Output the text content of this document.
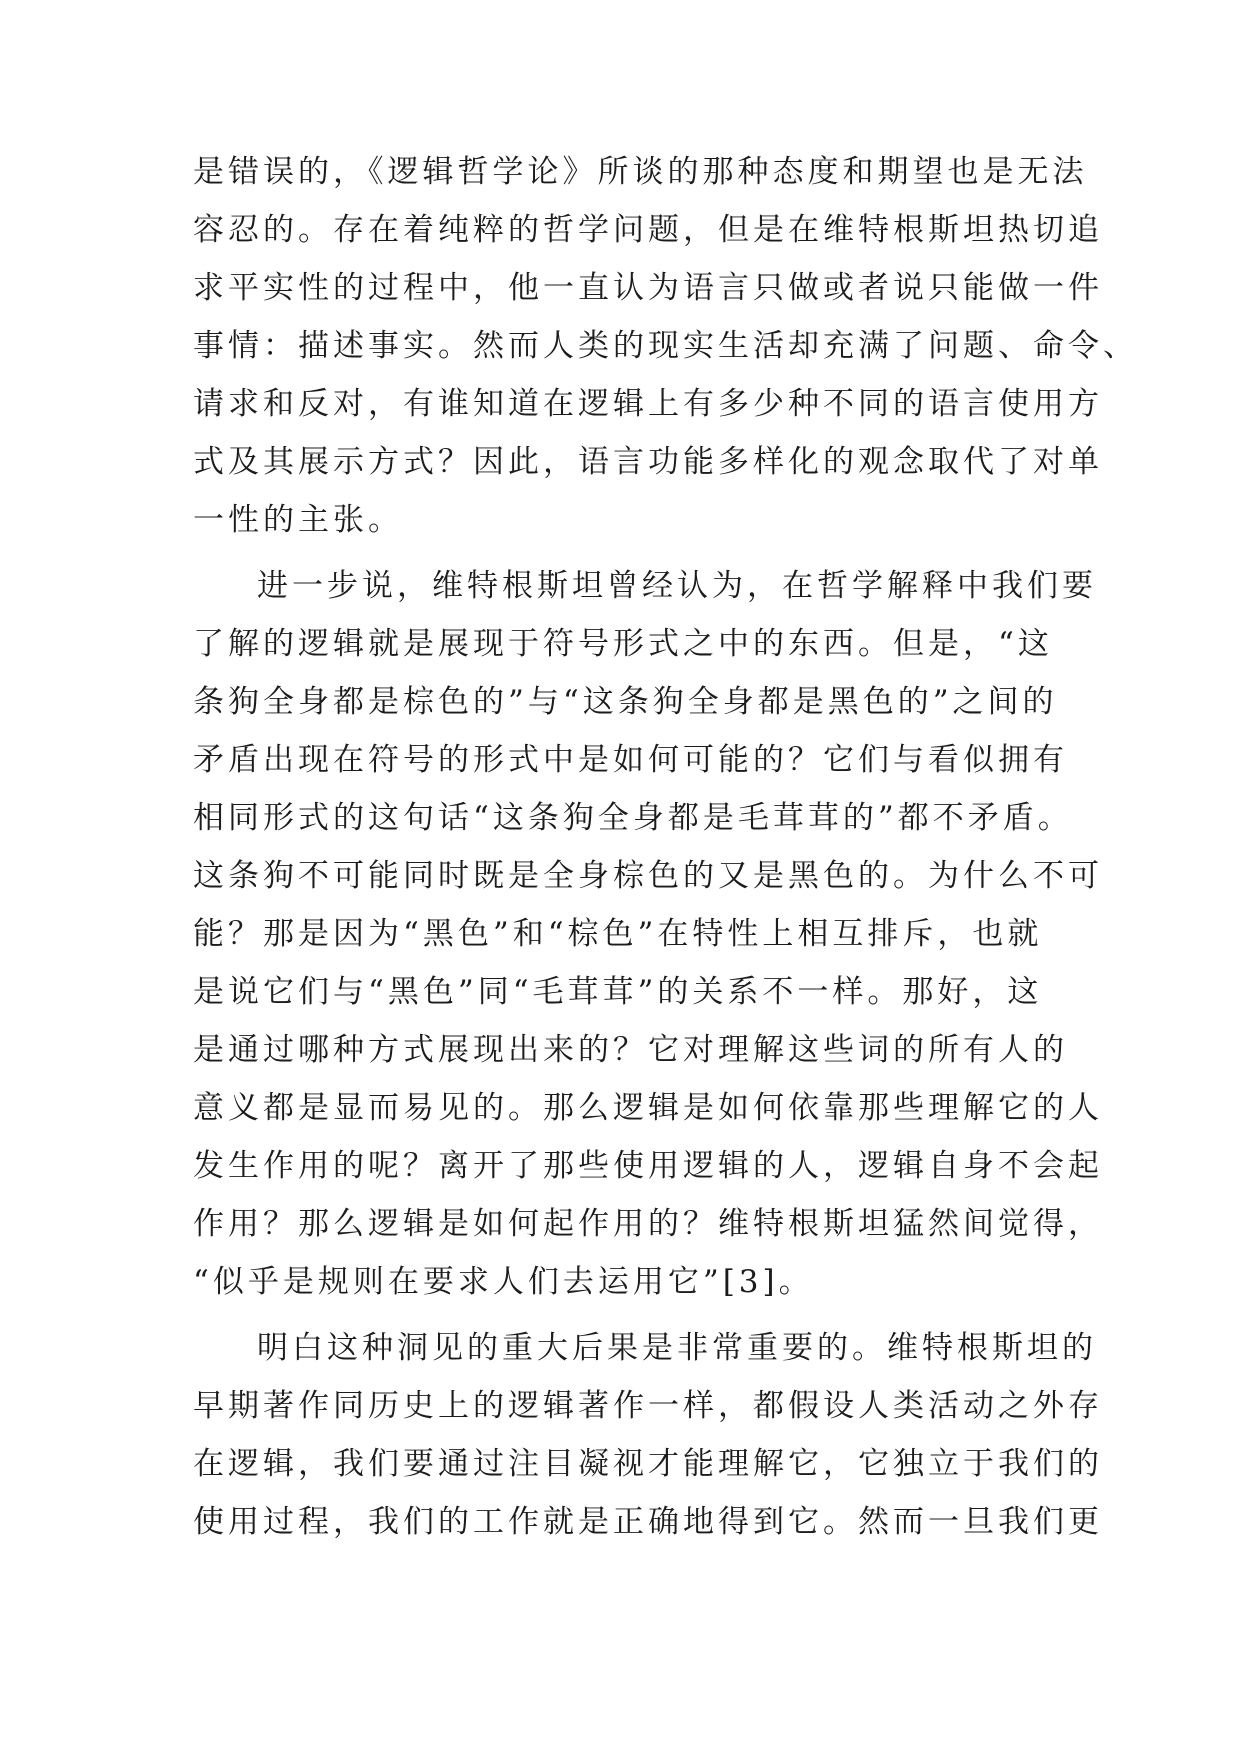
是错误的，《逻辑哲学论》所谈的那种态度和期望也是无法
容忍的。存在着纯粹的哲学问题，但是在维特根斯坦热切追
求平实性的过程中，他一直认为语言只做或者说只能做一件
事情：描述事实。然而人类的现实生活却充满了问题、命令、
请求和反对，有谁知道在逻辑上有多少种不同的语言使用方
式及其展示方式？因此，语言功能多样化的观念取代了对单
一性的主张。
进一步说，维特根斯坦曾经认为，在哲学解释中我们要
了解的逻辑就是展现于符号形式之中的东西。但是，“这
条狗全身都是棕色的”与“这条狗全身都是黑色的”之间的
矛盾出现在符号的形式中是如何可能的？它们与看似拥有
相同形式的这句话“这条狗全身都是毛茸茸的”都不矛盾。
这条狗不可能同时既是全身棕色的又是黑色的。为什么不可
能？那是因为“黑色”和“棕色”在特性上相互排斥，也就
是说它们与“黑色”同“毛茸茸”的关系不一样。那好，这
是通过哪种方式展现出来的？它对理解这些词的所有人的
意义都是显而易见的。那么逻辑是如何依靠那些理解它的人
发生作用的呢？离开了那些使用逻辑的人，逻辑自身不会起
作用？那么逻辑是如何起作用的？维特根斯坦猛然间觉得，
“似乎是规则在要求人们去运用它”[3]。
明白这种洞见的重大后果是非常重要的。维特根斯坦的
早期著作同历史上的逻辑著作一样，都假设人类活动之外存
在逻辑，我们要通过注目凝视才能理解它，它独立于我们的
使用过程，我们的工作就是正确地得到它。然而一旦我们更
